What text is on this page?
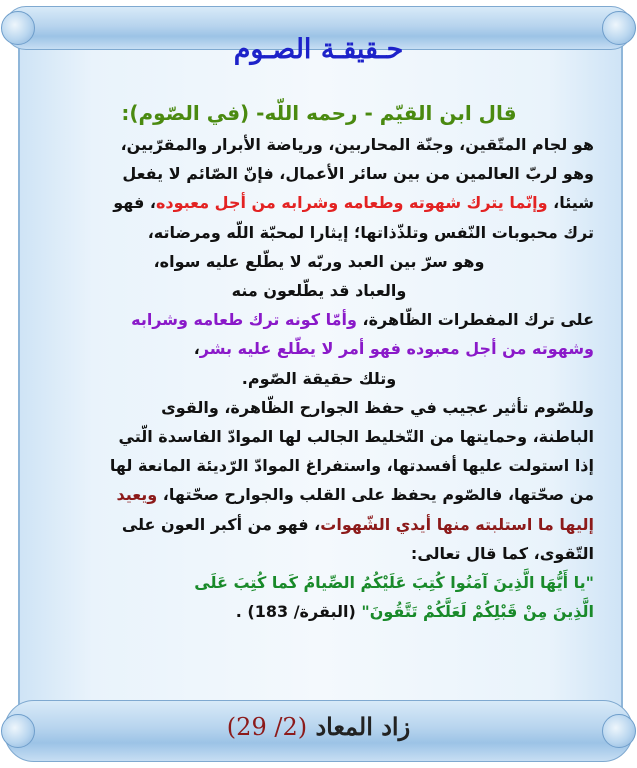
حـقيقـة الصـوم

قال ابن القيّم - رحمه اللّه- (في الصّوم):

هو لجام المتّقين، وجنّة المحاربين، ورياضة الأبرار والمقرّبين،

وهو لربّ العالمين من بين سائر الأعمال، فإنّ الصّائم لا يفعل

شيئا، وإنّما يترك شهوته وطعامه وشرابه من أجل معبوده، فهو

ترك محبوبات النّفس وتلذّذاتها؛ إيثارا لمحبّة اللّه ومرضاته،

وهو سرّ بين العبد وربّه لا يطّلع عليه سواه،

والعباد قد يطّلعون منه

على ترك المفطرات الظّاهرة، وأمّا كونه ترك طعامه وشرابه

وشهوته من أجل معبوده فهو أمر لا يطّلع عليه بشر،

وتلك حقيقة الصّوم.

وللصّوم تأثير عجيب في حفظ الجوارح الظّاهرة، والقوى

الباطنة، وحمايتها من التّخليط الجالب لها الموادّ الفاسدة الّتي

إذا استولت عليها أفسدتها، واستفراغ الموادّ الرّديئة المانعة لها

من صحّتها، فالصّوم يحفظ على القلب والجوارح صحّتها، ويعيد

إليها ما استلبته منها أيدي الشّهوات، فهو من أكبر العون على

التّقوى، كما قال تعالى:

"يا أَيُّهَا الَّذِينَ آمَنُوا كُتِبَ عَلَيْكُمُ الصِّيامُ كَما كُتِبَ عَلَى

الَّذِينَ مِنْ قَبْلِكُمْ لَعَلَّكُمْ تَتَّقُونَ" (البقرة/ 183) .

زاد المعاد (2/ 29)
